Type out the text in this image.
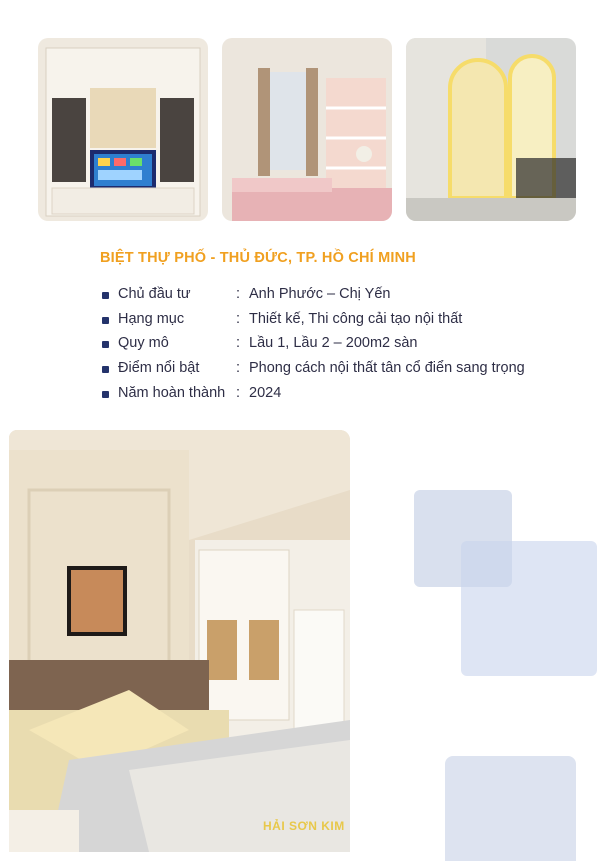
BIỆT THỰ PHỐ - THỦ ĐỨC, TP. HỒ CHÍ MINH
Chủ đầu tư	: Anh Phước – Chị Yến
Hạng mục	: Thiết kế, Thi công cải tạo nội thất
Quy mô	: Lầu 1, Lầu 2 – 200m2 sàn
Điểm nổi bật	: Phong cách nội thất tân cổ điển sang trọng
Năm hoàn thành : 2024
HẢI SƠN KIM
